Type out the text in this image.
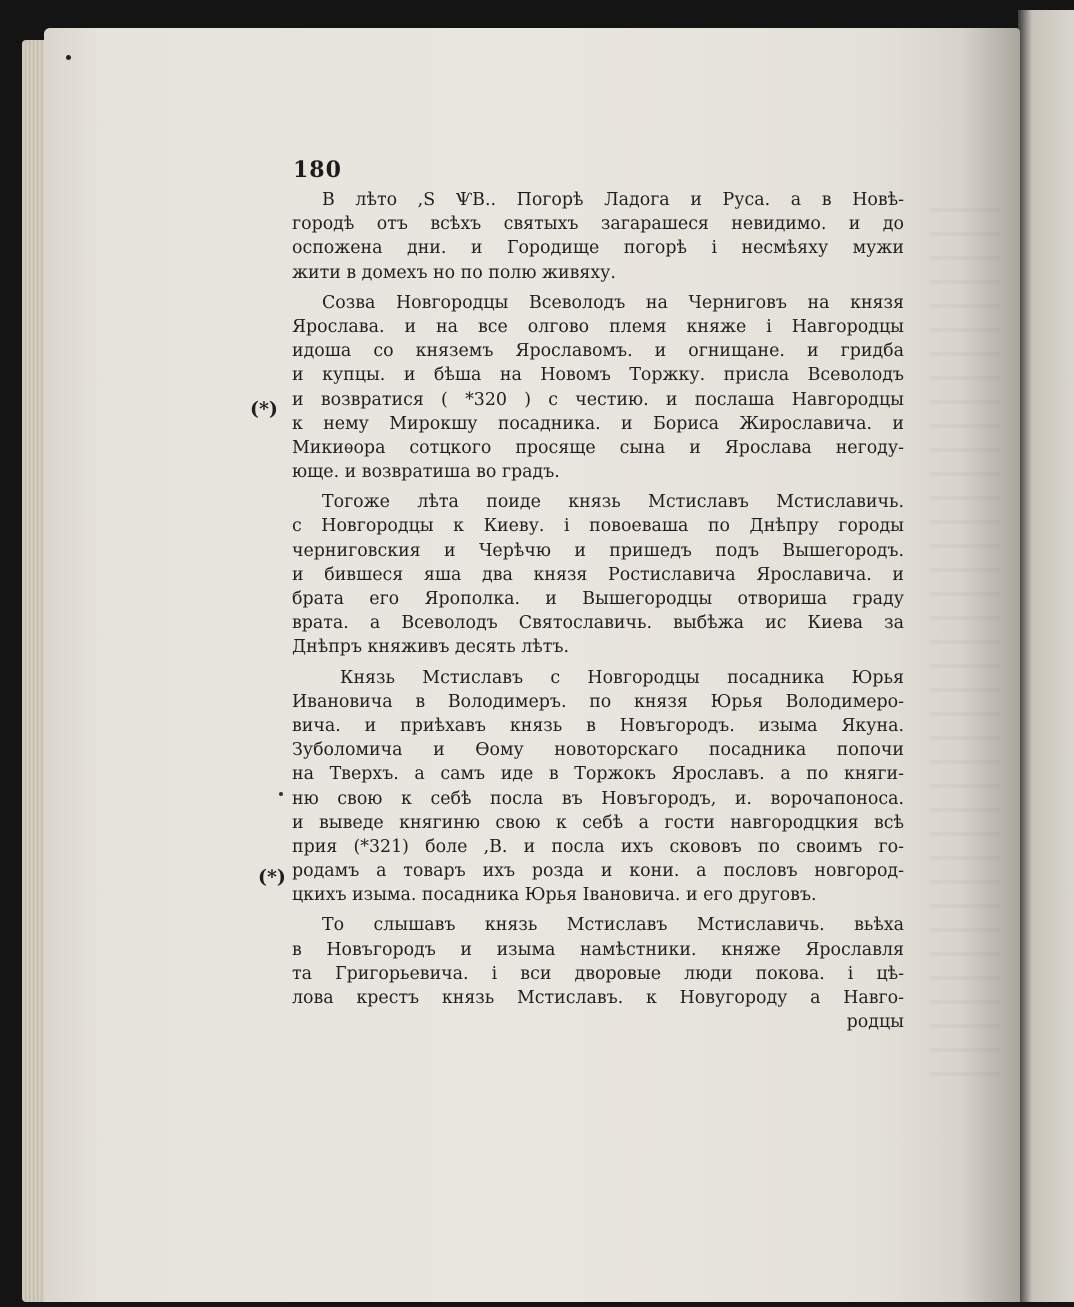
180
(*)
(*)
В лѣто ,Ѕ ѰВ.. Погорѣ Ладога и Руса. а в Новѣ-
городѣ отъ всѣхъ святыхъ загарашеся невидимо. и до
оспожена дни. и Городище погорѣ і несмѣяху мужи
жити в домехъ но по полю живяху.
Созва Новгородцы Всеволодъ на Черниговъ на князя
Ярослава. и на все олгово племя княже і Навгородцы
идоша со княземъ Ярославомъ. и огнищане. и гридба
и купцы. и бѣша на Новомъ Торжку. присла Всеволодъ
и возвратися ( *320 ) с честию. и послаша Навгородцы
к нему Мирокшу посадника. и Бориса Жирославича. и
Микиѳора сотцкого просяще сына и Ярослава негоду-
юще. и возвратиша во градъ.
Тогоже лѣта поиде князь Мстиславъ Мстиславичь.
с Новгородцы к Киеву. і повоеваша по Днѣпру городы
черниговския и Черѣчю и пришедъ подъ Вышегородъ.
и бившеся яша два князя Ростиславича Ярославича. и
брата его Ярополка. и Вышегородцы отвориша граду
врата. а Всеволодъ Святославичь. выбѣжа ис Киева за
Днѣпръ княживъ десять лѣтъ.
Князь Мстиславъ с Новгородцы посадника Юрья
Ивановича в Володимеръ. по князя Юрья Володимеро-
вича. и приѣхавъ князь в Новъгородъ. изыма Якуна.
Зуболомича и Ѳому новоторскаго посадника попочи
на Тверхъ. а самъ иде в Торжокъ Ярославъ. а по княги-
ню свою к себѣ посла въ Новъгородъ, и. ворочапоноса.
и выведе княгиню свою к себѣ а гости навгородцкия всѣ
прия (*321) боле ,В. и посла ихъ скововъ по своимъ го-
родамъ а товаръ ихъ розда и кони. а пословъ новгород-
цкихъ изыма. посадника Юрья Івановича. и его друговъ.
То слышавъ князь Мстиславъ Мстиславичь. вьѣха
в Новъгородъ и изыма намѣстники. княже Ярославля
та Григорьевича. і вси дворовые люди покова. і цѣ-
лова крестъ князь Мстиславъ. к Новугороду а Навго-
родцы
